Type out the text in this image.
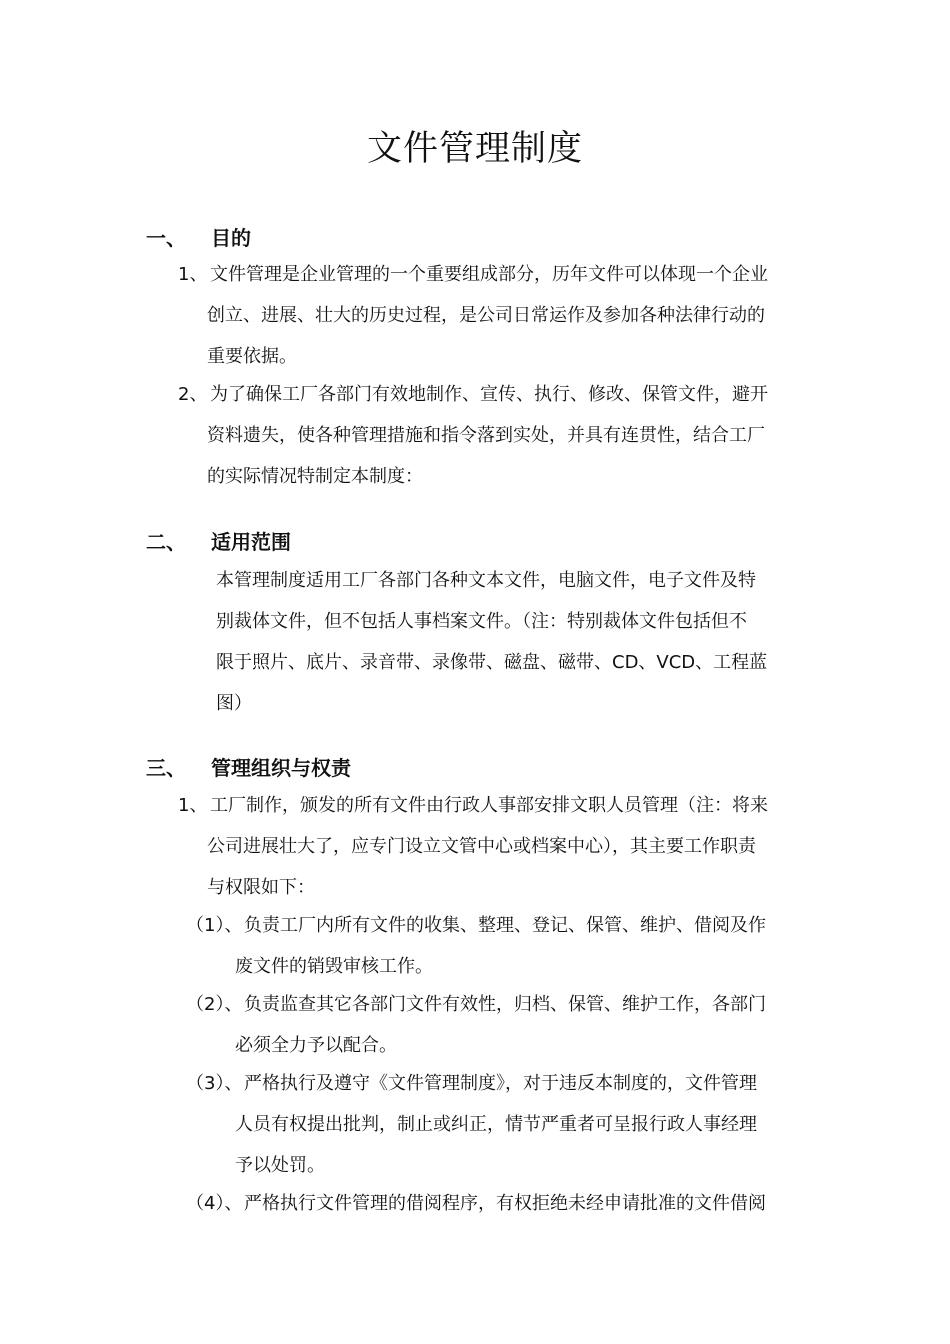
文件管理制度
一、 目的
1、 文件管理是企业管理的一个重要组成部分，历年文件可以体现一个企业
创立、进展、壮大的历史过程，是公司日常运作及参加各种法律行动的
重要依据。
2、 为了确保工厂各部门有效地制作、宣传、执行、修改、保管文件，避开
资料遗失，使各种管理措施和指令落到实处，并具有连贯性，结合工厂
的实际情况特制定本制度：
二、 适用范围
本管理制度适用工厂各部门各种文本文件，电脑文件，电子文件及特
别裁体文件，但不包括人事档案文件。（注：特别裁体文件包括但不
限于照片、底片、录音带、录像带、磁盘、磁带、CD、VCD、工程蓝
图）
三、 管理组织与权责
1、 工厂制作，颁发的所有文件由行政人事部安排文职人员管理（注：将来
公司进展壮大了，应专门设立文管中心或档案中心），其主要工作职责
与权限如下：
（1）、 负责工厂内所有文件的收集、整理、登记、保管、维护、借阅及作
废文件的销毁审核工作。
（2）、 负责监查其它各部门文件有效性，归档、保管、维护工作，各部门
必须全力予以配合。
（3）、 严格执行及遵守《文件管理制度》，对于违反本制度的，文件管理
人员有权提出批判，制止或纠正，情节严重者可呈报行政人事经理
予以处罚。
（4）、 严格执行文件管理的借阅程序，有权拒绝未经申请批准的文件借阅
